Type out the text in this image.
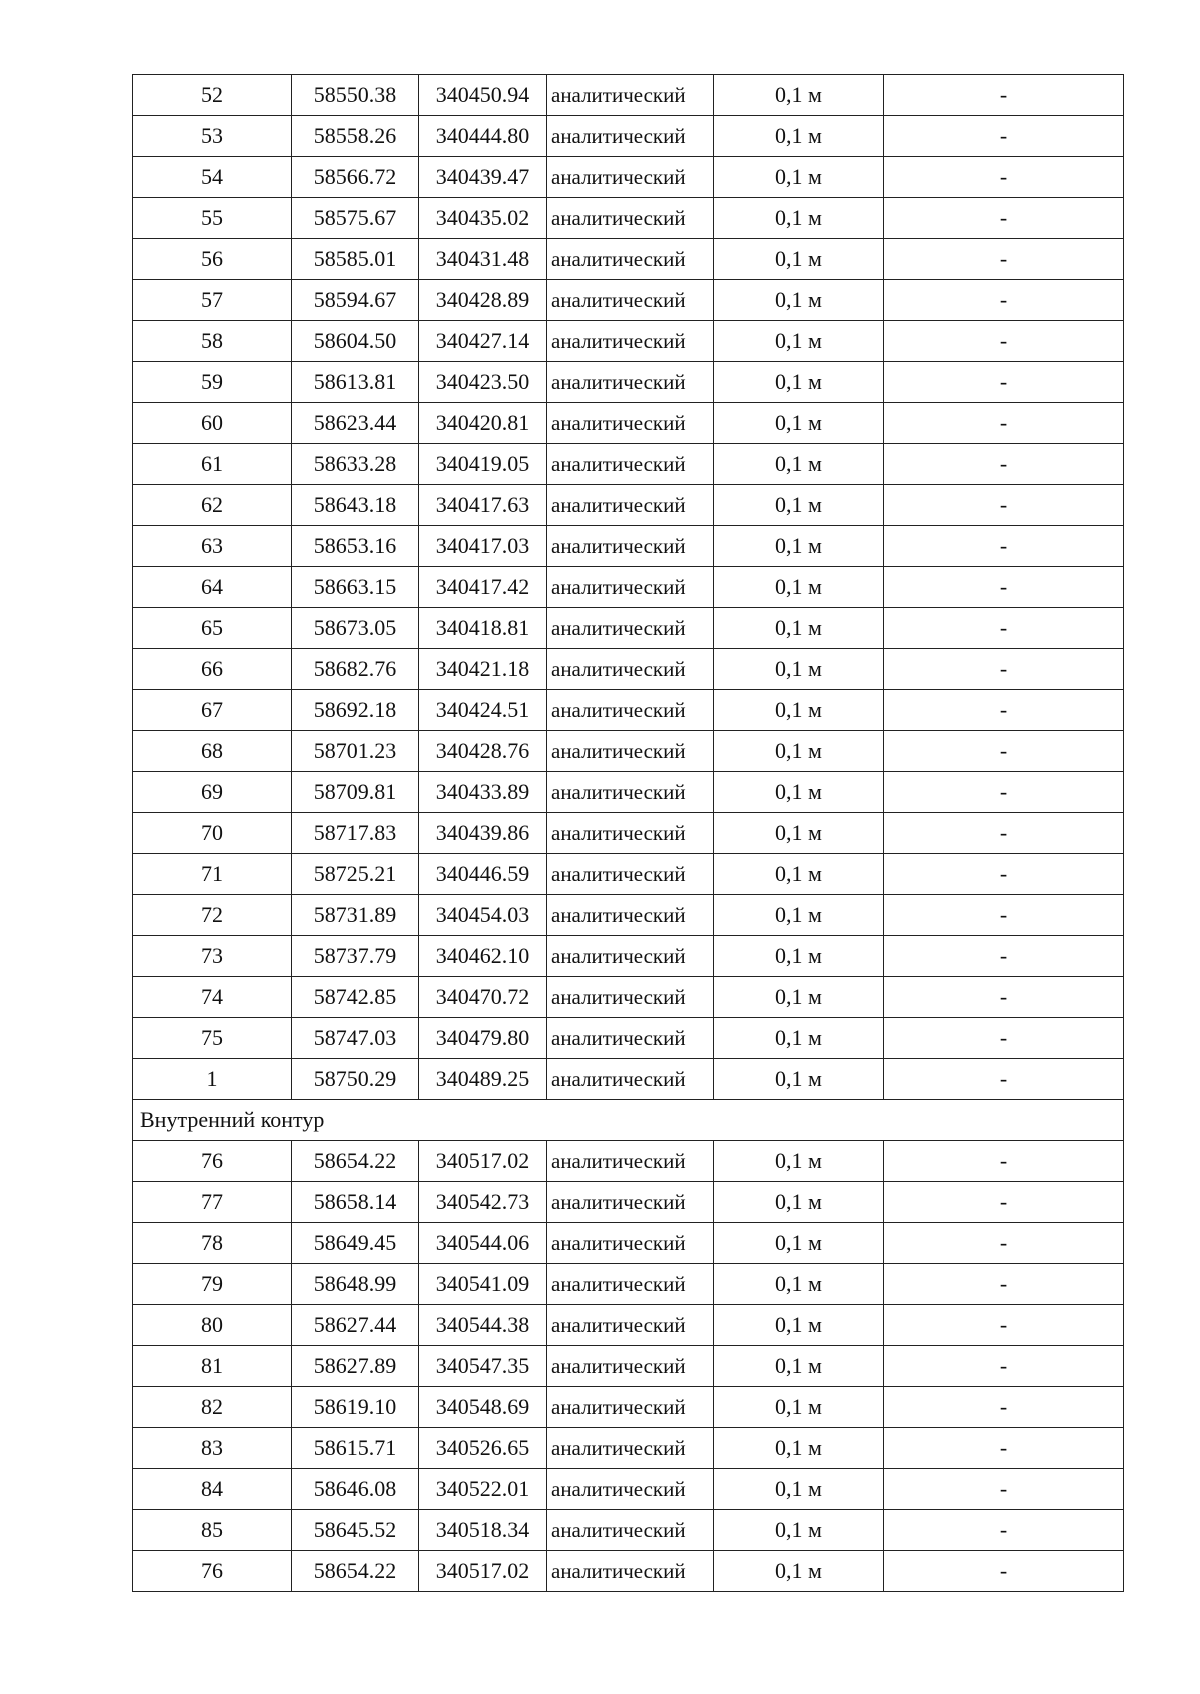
52	58550.38	340450.94	аналитический	0,1 м	-
53	58558.26	340444.80	аналитический	0,1 м	-
54	58566.72	340439.47	аналитический	0,1 м	-
55	58575.67	340435.02	аналитический	0,1 м	-
56	58585.01	340431.48	аналитический	0,1 м	-
57	58594.67	340428.89	аналитический	0,1 м	-
58	58604.50	340427.14	аналитический	0,1 м	-
59	58613.81	340423.50	аналитический	0,1 м	-
60	58623.44	340420.81	аналитический	0,1 м	-
61	58633.28	340419.05	аналитический	0,1 м	-
62	58643.18	340417.63	аналитический	0,1 м	-
63	58653.16	340417.03	аналитический	0,1 м	-
64	58663.15	340417.42	аналитический	0,1 м	-
65	58673.05	340418.81	аналитический	0,1 м	-
66	58682.76	340421.18	аналитический	0,1 м	-
67	58692.18	340424.51	аналитический	0,1 м	-
68	58701.23	340428.76	аналитический	0,1 м	-
69	58709.81	340433.89	аналитический	0,1 м	-
70	58717.83	340439.86	аналитический	0,1 м	-
71	58725.21	340446.59	аналитический	0,1 м	-
72	58731.89	340454.03	аналитический	0,1 м	-
73	58737.79	340462.10	аналитический	0,1 м	-
74	58742.85	340470.72	аналитический	0,1 м	-
75	58747.03	340479.80	аналитический	0,1 м	-
1	58750.29	340489.25	аналитический	0,1 м	-
Внутренний контур					
76	58654.22	340517.02	аналитический	0,1 м	-
77	58658.14	340542.73	аналитический	0,1 м	-
78	58649.45	340544.06	аналитический	0,1 м	-
79	58648.99	340541.09	аналитический	0,1 м	-
80	58627.44	340544.38	аналитический	0,1 м	-
81	58627.89	340547.35	аналитический	0,1 м	-
82	58619.10	340548.69	аналитический	0,1 м	-
83	58615.71	340526.65	аналитический	0,1 м	-
84	58646.08	340522.01	аналитический	0,1 м	-
85	58645.52	340518.34	аналитический	0,1 м	-
76	58654.22	340517.02	аналитический	0,1 м	-
